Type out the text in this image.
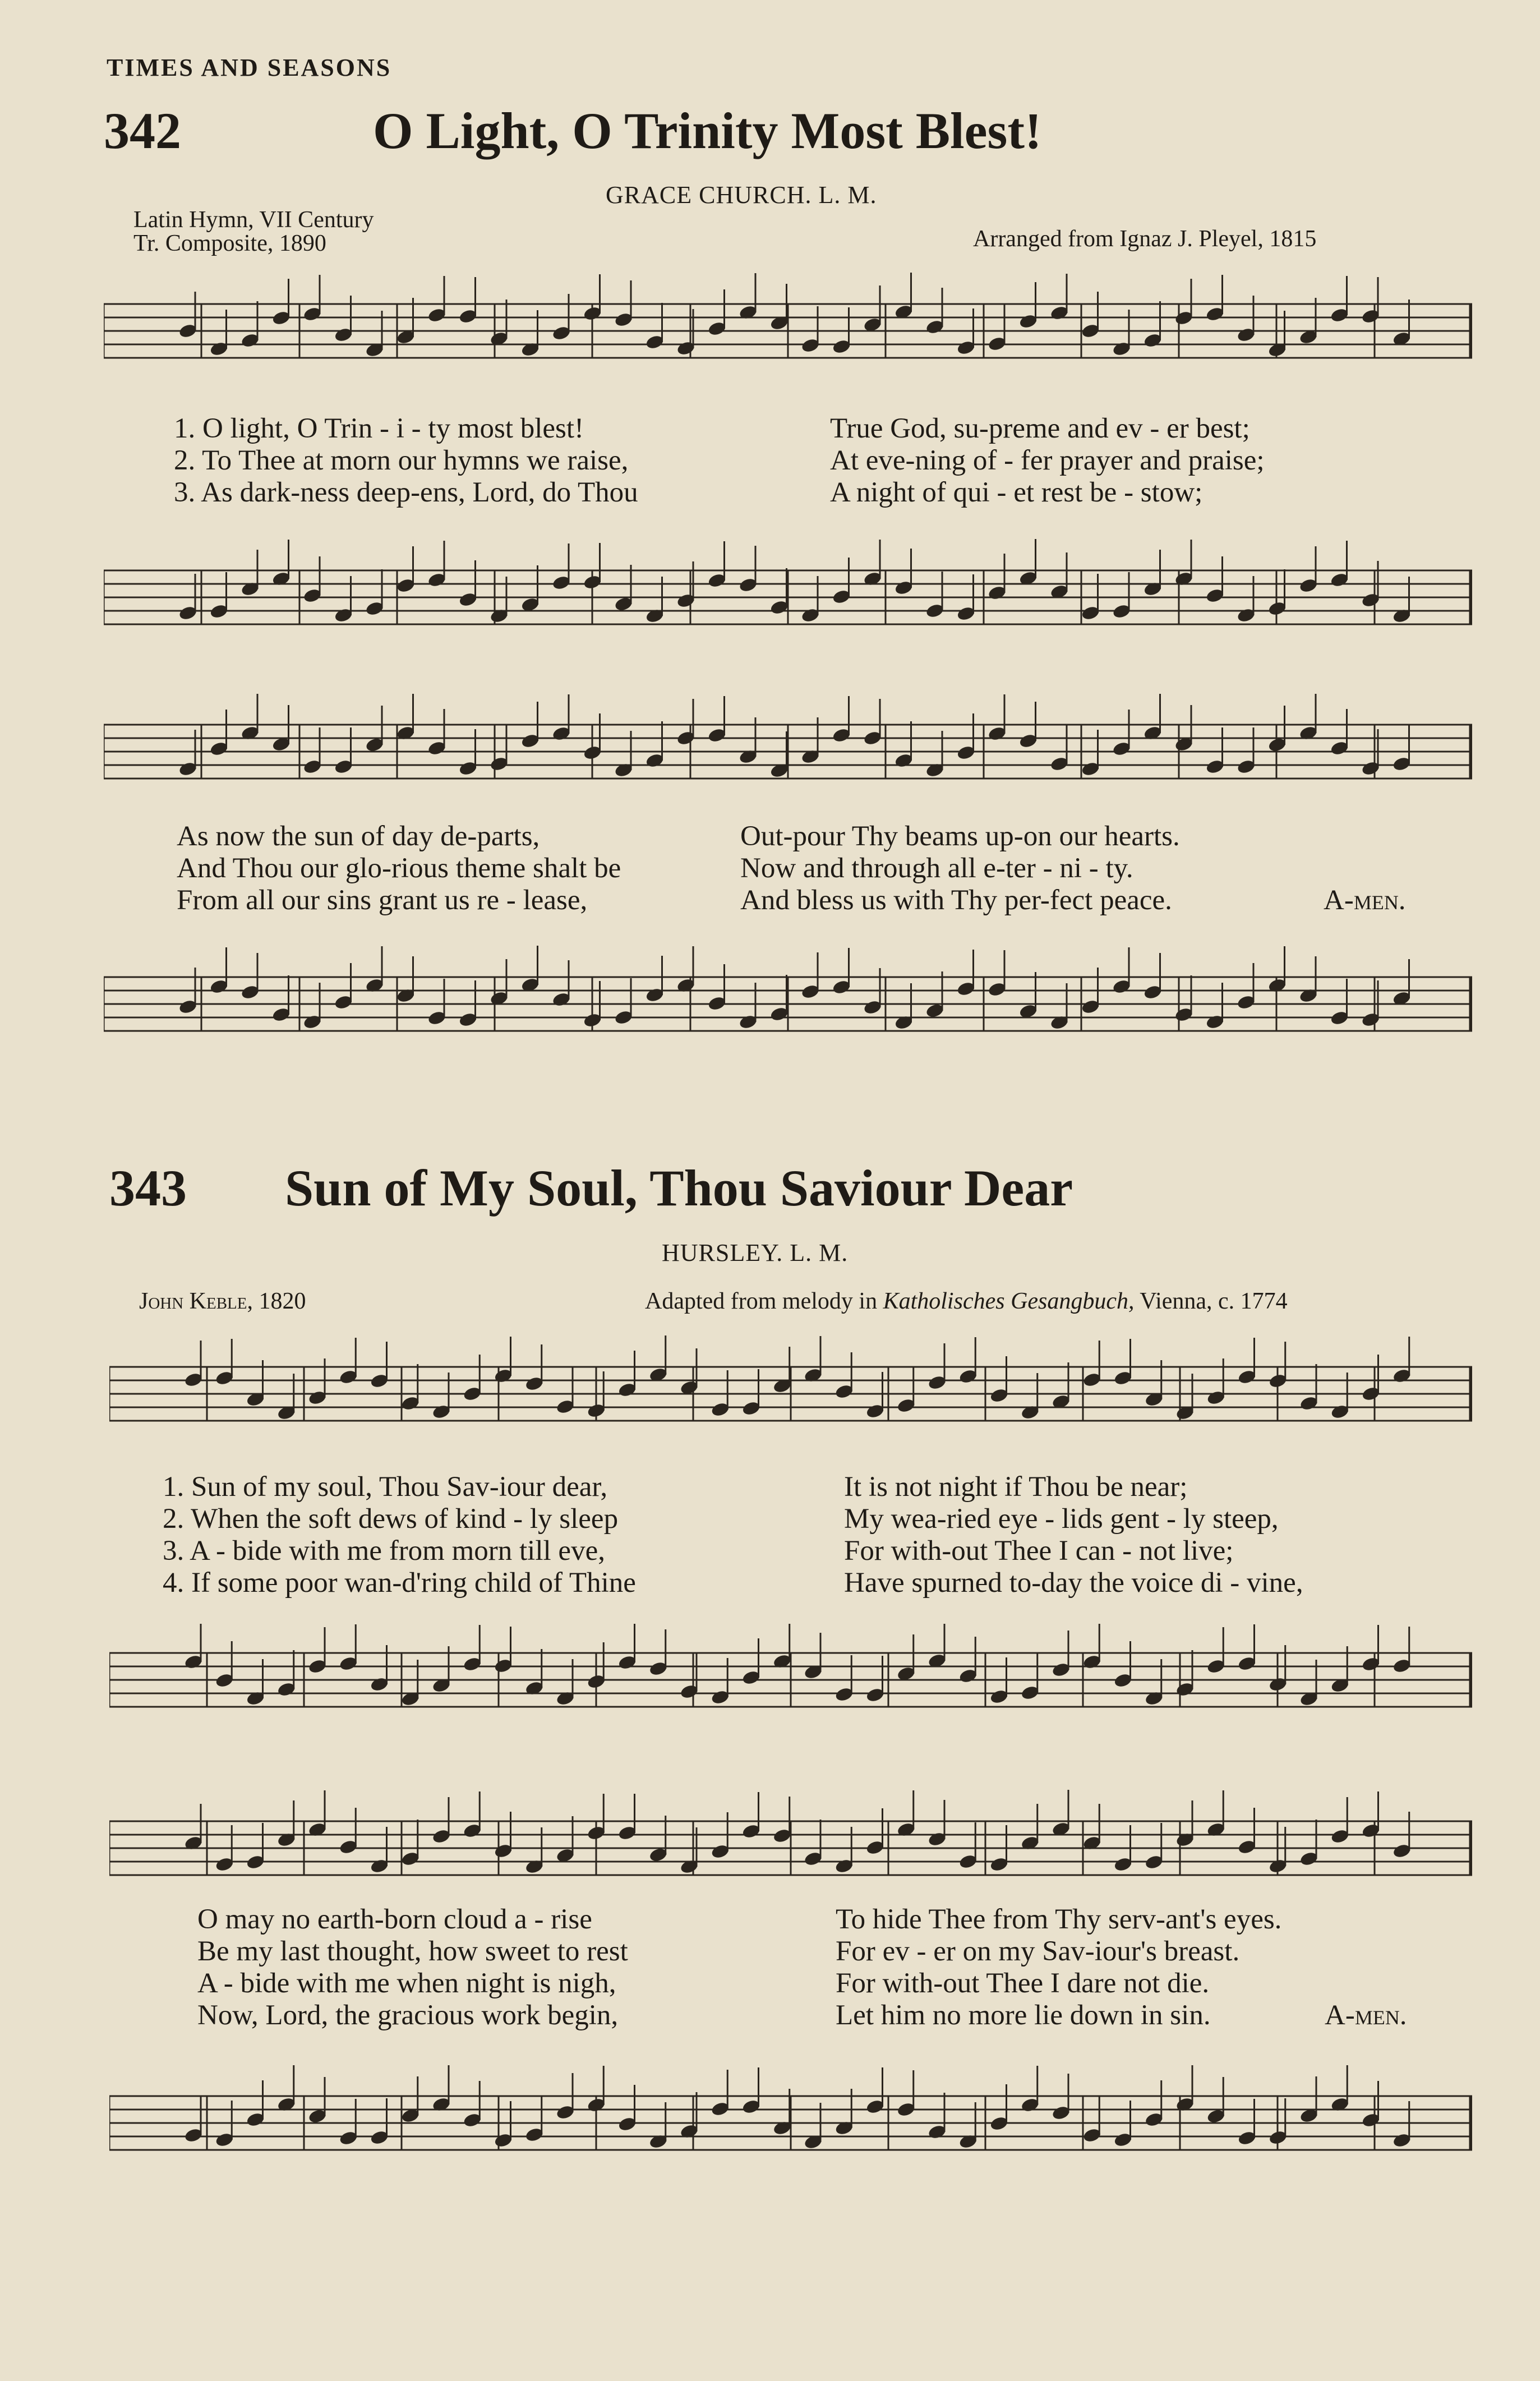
TIMES AND SEASONS
342	O Light, O Trinity Most Blest!
GRACE CHURCH. L. M.
Latin Hymn, VII Century
Tr. Composite, 1890	Arranged from Ignaz J. Pleyel, 1815
1. O light, O Trin - i - ty most blest!	True God, su-preme and ev - er best;
2. To Thee at morn our hymns we raise,	At eve-ning of - fer prayer and praise;
3. As dark-ness deep-ens, Lord, do Thou	A night of qui - et rest be - stow;
As now the sun of day de-parts,	Out-pour Thy beams up-on our hearts.
And Thou our glo-rious theme shalt be	Now and through all e-ter - ni - ty.
From all our sins grant us re - lease,	And bless us with Thy per-fect peace.	A-men.
343 Sun of My Soul, Thou Saviour Dear
HURSLEY. L. M.
John Keble, 1820	Adapted from melody in Katholisches Gesangbuch, Vienna, c. 1774
1. Sun of my soul, Thou Sav-iour dear,	It is not night if Thou be near;
2. When the soft dews of kind - ly sleep	My wea-ried eye - lids gent - ly steep,
3. A - bide with me from morn till eve,	For with-out Thee I can - not live;
4. If some poor wan-d'ring child of Thine	Have spurned to-day the voice di - vine,
O may no earth-born cloud a - rise	To hide Thee from Thy serv-ant's eyes.
Be my last thought, how sweet to rest	For ev - er on my Sav-iour's breast.
A - bide with me when night is nigh,	For with-out Thee I dare not die.
Now, Lord, the gracious work begin,	Let him no more lie down in sin.	A-men.
